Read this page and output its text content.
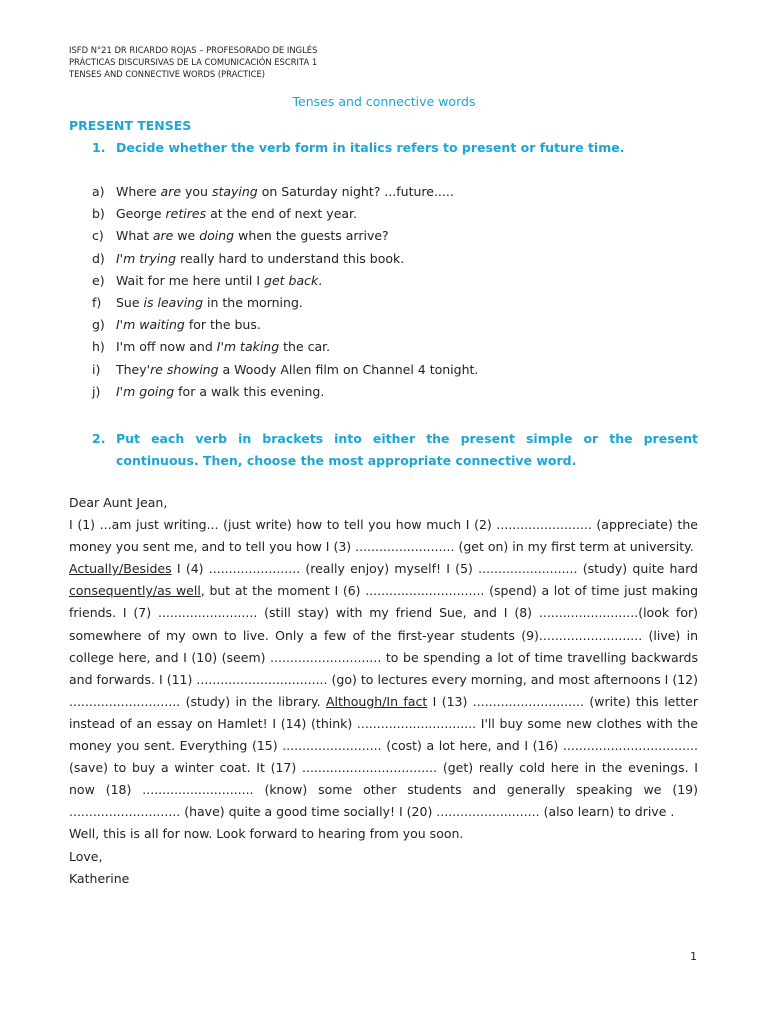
ISFD N°21 DR RICARDO ROJAS – PROFESORADO DE INGLÉS
PRÁCTICAS DISCURSIVAS DE LA COMUNICACIÓN ESCRITA 1
TENSES AND CONNECTIVE WORDS (PRACTICE)
Tenses and connective words
PRESENT TENSES
1. Decide whether the verb form in italics refers to present or future time.
a) Where are you staying on Saturday night? ...future.....
b) George retires at the end of next year.
c) What are we doing when the guests arrive?
d) I'm trying really hard to understand this book.
e) Wait for me here until I get back.
f) Sue is leaving in the morning.
g) I'm waiting for the bus.
h) I'm off now and I'm taking the car.
i) They're showing a Woody Allen film on Channel 4 tonight.
j) I'm going for a walk this evening.
2. Put each verb in brackets into either the present simple or the present
continuous. Then, choose the most appropriate connective word.
Dear Aunt Jean,
I (1) ...am just writing... (just write) how to tell you how much I (2) ........................ (appreciate) the money you sent me, and to tell you how I (3) ......................... (get on) in my first term at university.
Actually/Besides I (4) ....................... (really enjoy) myself! I (5) ......................... (study) quite hard consequently/as well, but at the moment I (6) .............................. (spend) a lot of time just making friends. I (7) ......................... (still stay) with my friend Sue, and I (8) .........................(look for) somewhere of my own to live. Only a few of the first-year students (9).......................... (live) in college here, and I (10) (seem) ............................ to be spending a lot of time travelling backwards and forwards. I (11) ................................. (go) to lectures every morning, and most afternoons I (12) ............................ (study) in the library. Although/In fact I (13) ............................ (write) this letter instead of an essay on Hamlet! I (14) (think) .............................. I'll buy some new clothes with the money you sent. Everything (15) ......................... (cost) a lot here, and I (16) .................................. (save) to buy a winter coat. It (17) .................................. (get) really cold here in the evenings. I now (18) ............................ (know) some other students and generally speaking we (19) ............................ (have) quite a good time socially! I (20) .......................... (also learn) to drive .
Well, this is all for now. Look forward to hearing from you soon.
Love,
Katherine
1
